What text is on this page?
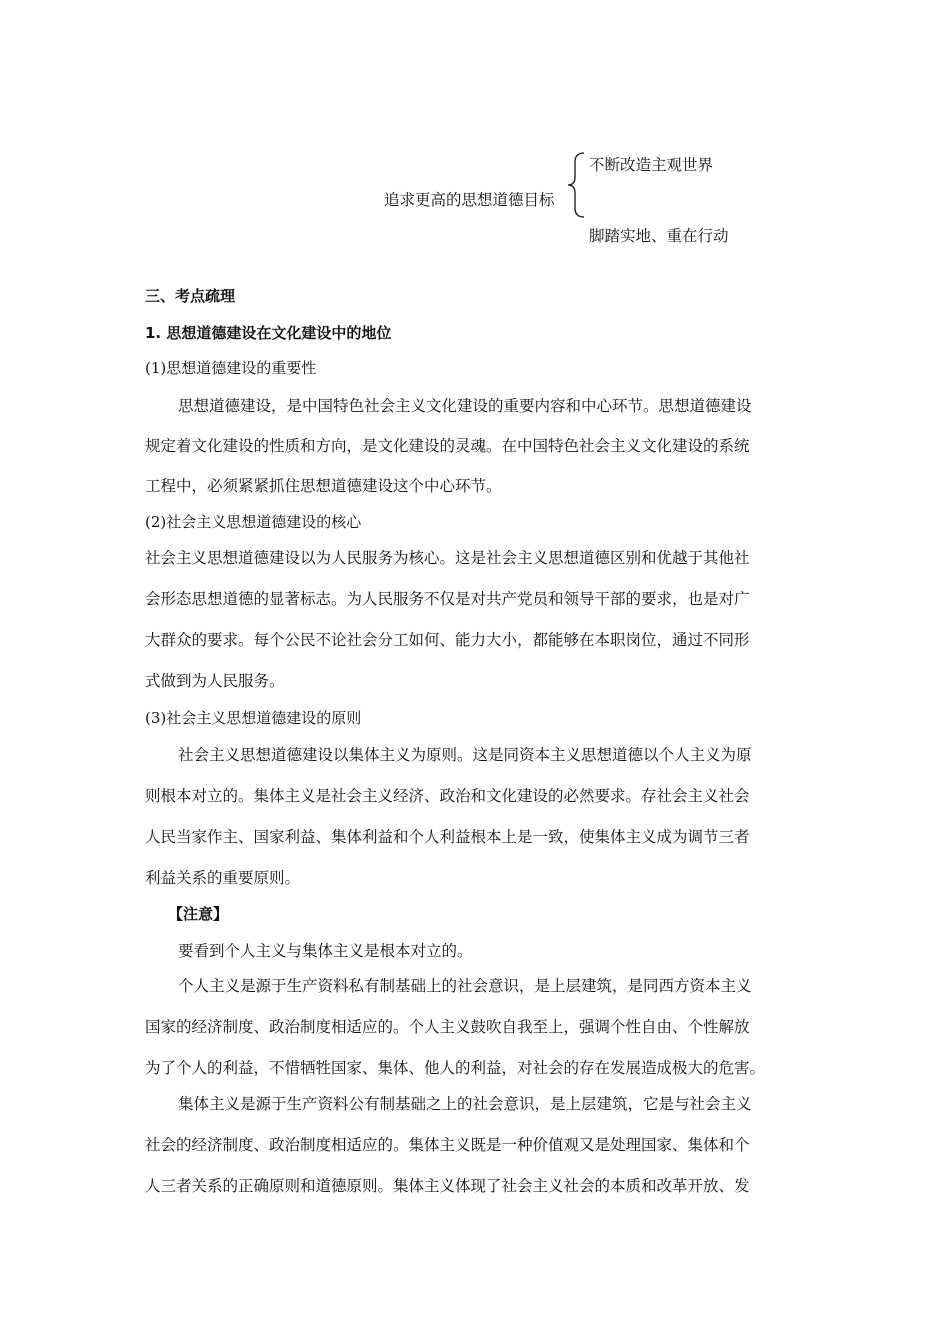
追求更高的思想道德目标
不断改造主观世界
脚踏实地、重在行动
三、考点疏理
1. 思想道德建设在文化建设中的地位
(1)思想道德建设的重要性
思想道德建设，是中国特色社会主义文化建设的重要内容和中心环节。思想道德建设
规定着文化建设的性质和方向，是文化建设的灵魂。在中国特色社会主义文化建设的系统
工程中，必须紧紧抓住思想道德建设这个中心环节。
(2)社会主义思想道德建设的核心
社会主义思想道德建设以为人民服务为核心。这是社会主义思想道德区别和优越于其他社
会形态思想道德的显著标志。为人民服务不仅是对共产党员和领导干部的要求，也是对广
大群众的要求。每个公民不论社会分工如何、能力大小，都能够在本职岗位，通过不同形
式做到为人民服务。
(3)社会主义思想道德建设的原则
社会主义思想道德建设以集体主义为原则。这是同资本主义思想道德以个人主义为原
则根本对立的。集体主义是社会主义经济、政治和文化建设的必然要求。存社会主义社会
人民当家作主、国家利益、集体利益和个人利益根本上是一致，使集体主义成为调节三者
利益关系的重要原则。
【注意】
要看到个人主义与集体主义是根本对立的。
个人主义是源于生产资料私有制基础上的社会意识，是上层建筑，是同西方资本主义
国家的经济制度、政治制度相适应的。个人主义鼓吹自我至上，强调个性自由、个性解放
为了个人的利益，不惜牺牲国家、集体、他人的利益，对社会的存在发展造成极大的危害。
集体主义是源于生产资料公有制基础之上的社会意识，是上层建筑，它是与社会主义
社会的经济制度、政治制度相适应的。集体主义既是一种价值观又是处理国家、集体和个
人三者关系的正确原则和道德原则。集体主义体现了社会主义社会的本质和改革开放、发
